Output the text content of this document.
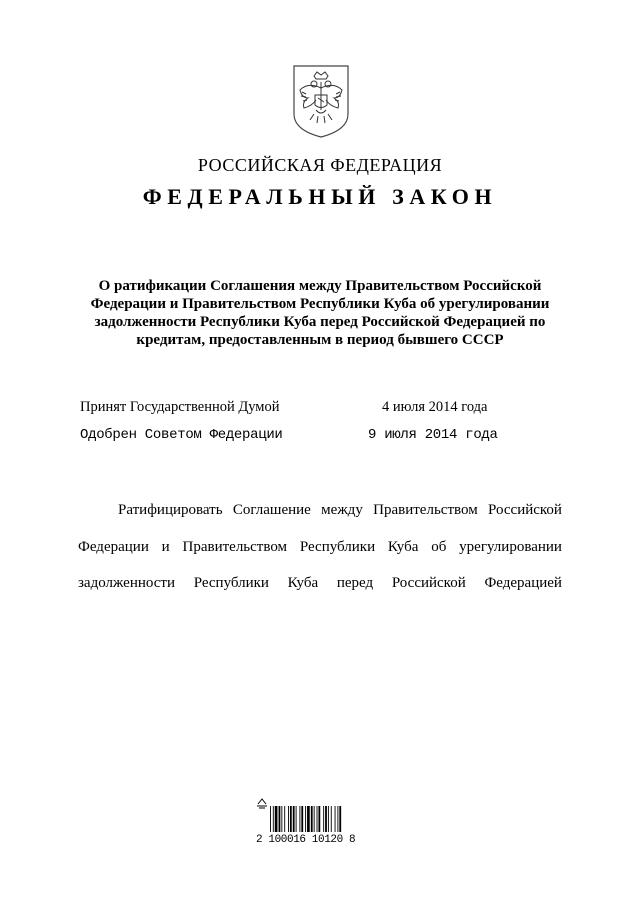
РОССИЙСКАЯ ФЕДЕРАЦИЯ
ФЕДЕРАЛЬНЫЙ ЗАКОН
О ратификации Соглашения между Правительством Российской
Федерации и Правительством Республики Куба об урегулировании
задолженности Республики Куба перед Российской Федерацией по
кредитам, предоставленным в период бывшего СССР
Принят Государственной Думой	4 июля 2014 года
Одобрен Советом Федерации	9 июля 2014 года
Ратифицировать Соглашение между Правительством Российской
Федерации и Правительством Республики Куба об урегулировании
задолженности Республики Куба перед Российской Федерацией
2 100016 10120 8
